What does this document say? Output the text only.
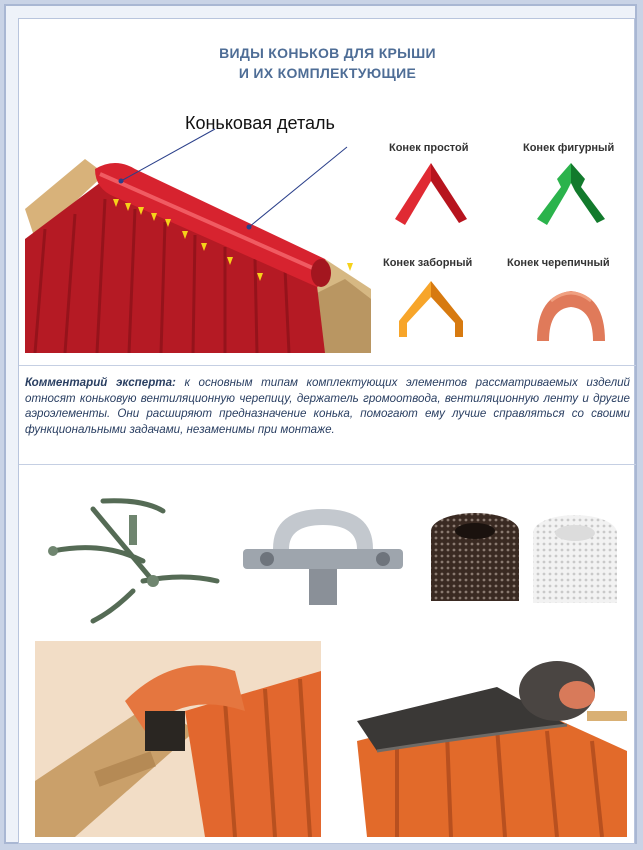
ВИДЫ КОНЬКОВ ДЛЯ КРЫШИ
И ИХ КОМПЛЕКТУЮЩИЕ
Коньковая деталь
Конек простой	Конек фигурный
Конек заборный	Конек черепичный
Комментарий эксперта: к основным типам комплектующих элементов рассматриваемых изделий относят коньковую вентиляционную черепицу, держатель громоотвода, вентиляционную ленту и другие аэроэлементы. Они расширяют предназначение конька, помогают ему лучше справляться со своими функциональными задачами, незаменимы при монтаже.
